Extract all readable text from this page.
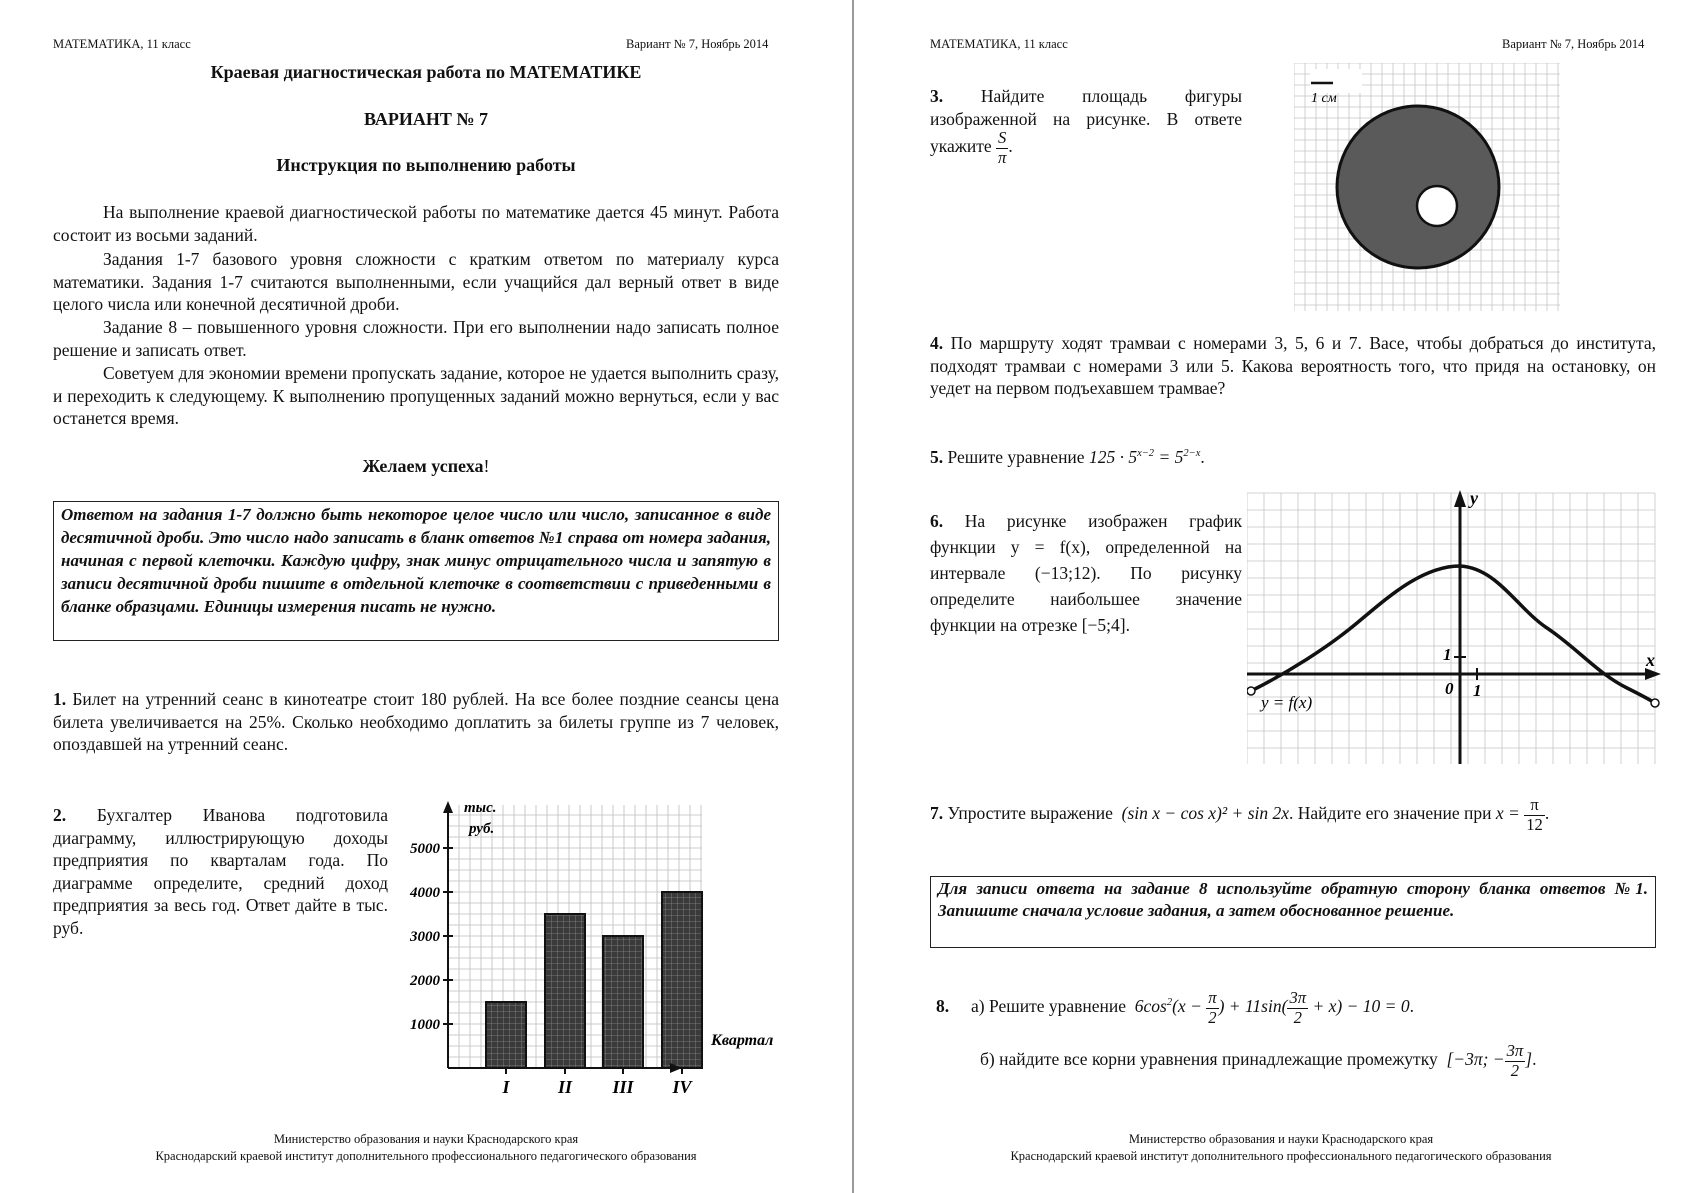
МАТЕМАТИКА, 11 класс	Вариант № 7, Ноябрь 2014
Краевая диагностическая работа по МАТЕМАТИКЕ
ВАРИАНТ № 7
Инструкция по выполнению работы

На выполнение краевой диагностической работы по математике дается 45 минут. Работа состоит из восьми заданий.

Задания 1-7 базового уровня сложности с кратким ответом по материалу курса математики. Задания 1-7 считаются выполненными, если учащийся дал верный ответ в виде целого числа или конечной десятичной дроби.

Задание 8 – повышенного уровня сложности. При его выполнении надо записать полное решение и записать ответ.

Советуем для экономии времени пропускать задание, которое не удается выполнить сразу, и переходить к следующему. К выполнению пропущенных заданий можно вернуться, если у вас останется время.

Желаем успеха!
Ответом на задания 1-7 должно быть некоторое целое число или число, записанное в виде десятичной дроби. Это число надо записать в бланк ответов №1 справа от номера задания, начиная с первой клеточки. Каждую цифру, знак минус отрицательного числа и запятую в записи десятичной дроби пишите в отдельной клеточке в соответствии с приведенными в бланке образцами. Единицы измерения писать не нужно.

1. Билет на утренний сеанс в кинотеатре стоит 180 рублей. На все более поздние сеансы цена билета увеличивается на 25%. Сколько необходимо доплатить за билеты группе из 7 человек, опоздавшей на утренний сеанс.

2. Бухгалтер Иванова подготовила диаграмму, иллюстрирующую доходы предприятия по кварталам года. По диаграмме определите, средний доход предприятия за весь год. Ответ дайте в тыс. руб.

I	II III IV
1000
2000
3000
4000
5000
тыс.
руб.
Квартал
Министерство образования и науки Краснодарского края
Краснодарский краевой институт дополнительного профессионального педагогического образования
МАТЕМАТИКА, 11 класс	Вариант № 7, Ноябрь 2014
3. Найдите площадь фигуры изображенной на рисунке. В ответе укажите $\frac{S}{\pi}$ .
1 см

4. По маршруту ходят трамваи с номерами 3, 5, 6 и 7. Васе, чтобы добраться до института, подходят трамваи с номерами 3 или 5. Какова вероятность того, что придя на остановку, он уедет на первом подъехавшем трамвае?

5. Решите уравнение $125 \cdot 5^{x-2} = 5^{2-x}$.

6. На рисунке изображен график функции y = f(x), определенной на интервале (−13;12). По рисунку определите наибольшее значение функции на отрезке [−5;4].

y
x
1
1
0
y = f(x)

7. Упростите выражение (sin x − cos x)² + sin 2x. Найдите его значение при $x = \frac{\pi}{12}$ .

Для записи ответа на задание 8 используйте обратную сторону бланка ответов №1. Запишите сначала условие задания, а затем обоснованное решение.
8. а) Решите уравнение $6\cos^2(x - \frac{\pi}{2}$ ) + $11\sin( \frac{3\pi}{2} + x) - 10 = 0$.
б) найдите все корни уравнения принадлежащие промежутку [−3π; − $\frac{3\pi}{2}$ ].
Министерство образования и науки Краснодарского края
Краснодарский краевой институт дополнительного профессионального педагогического образования
